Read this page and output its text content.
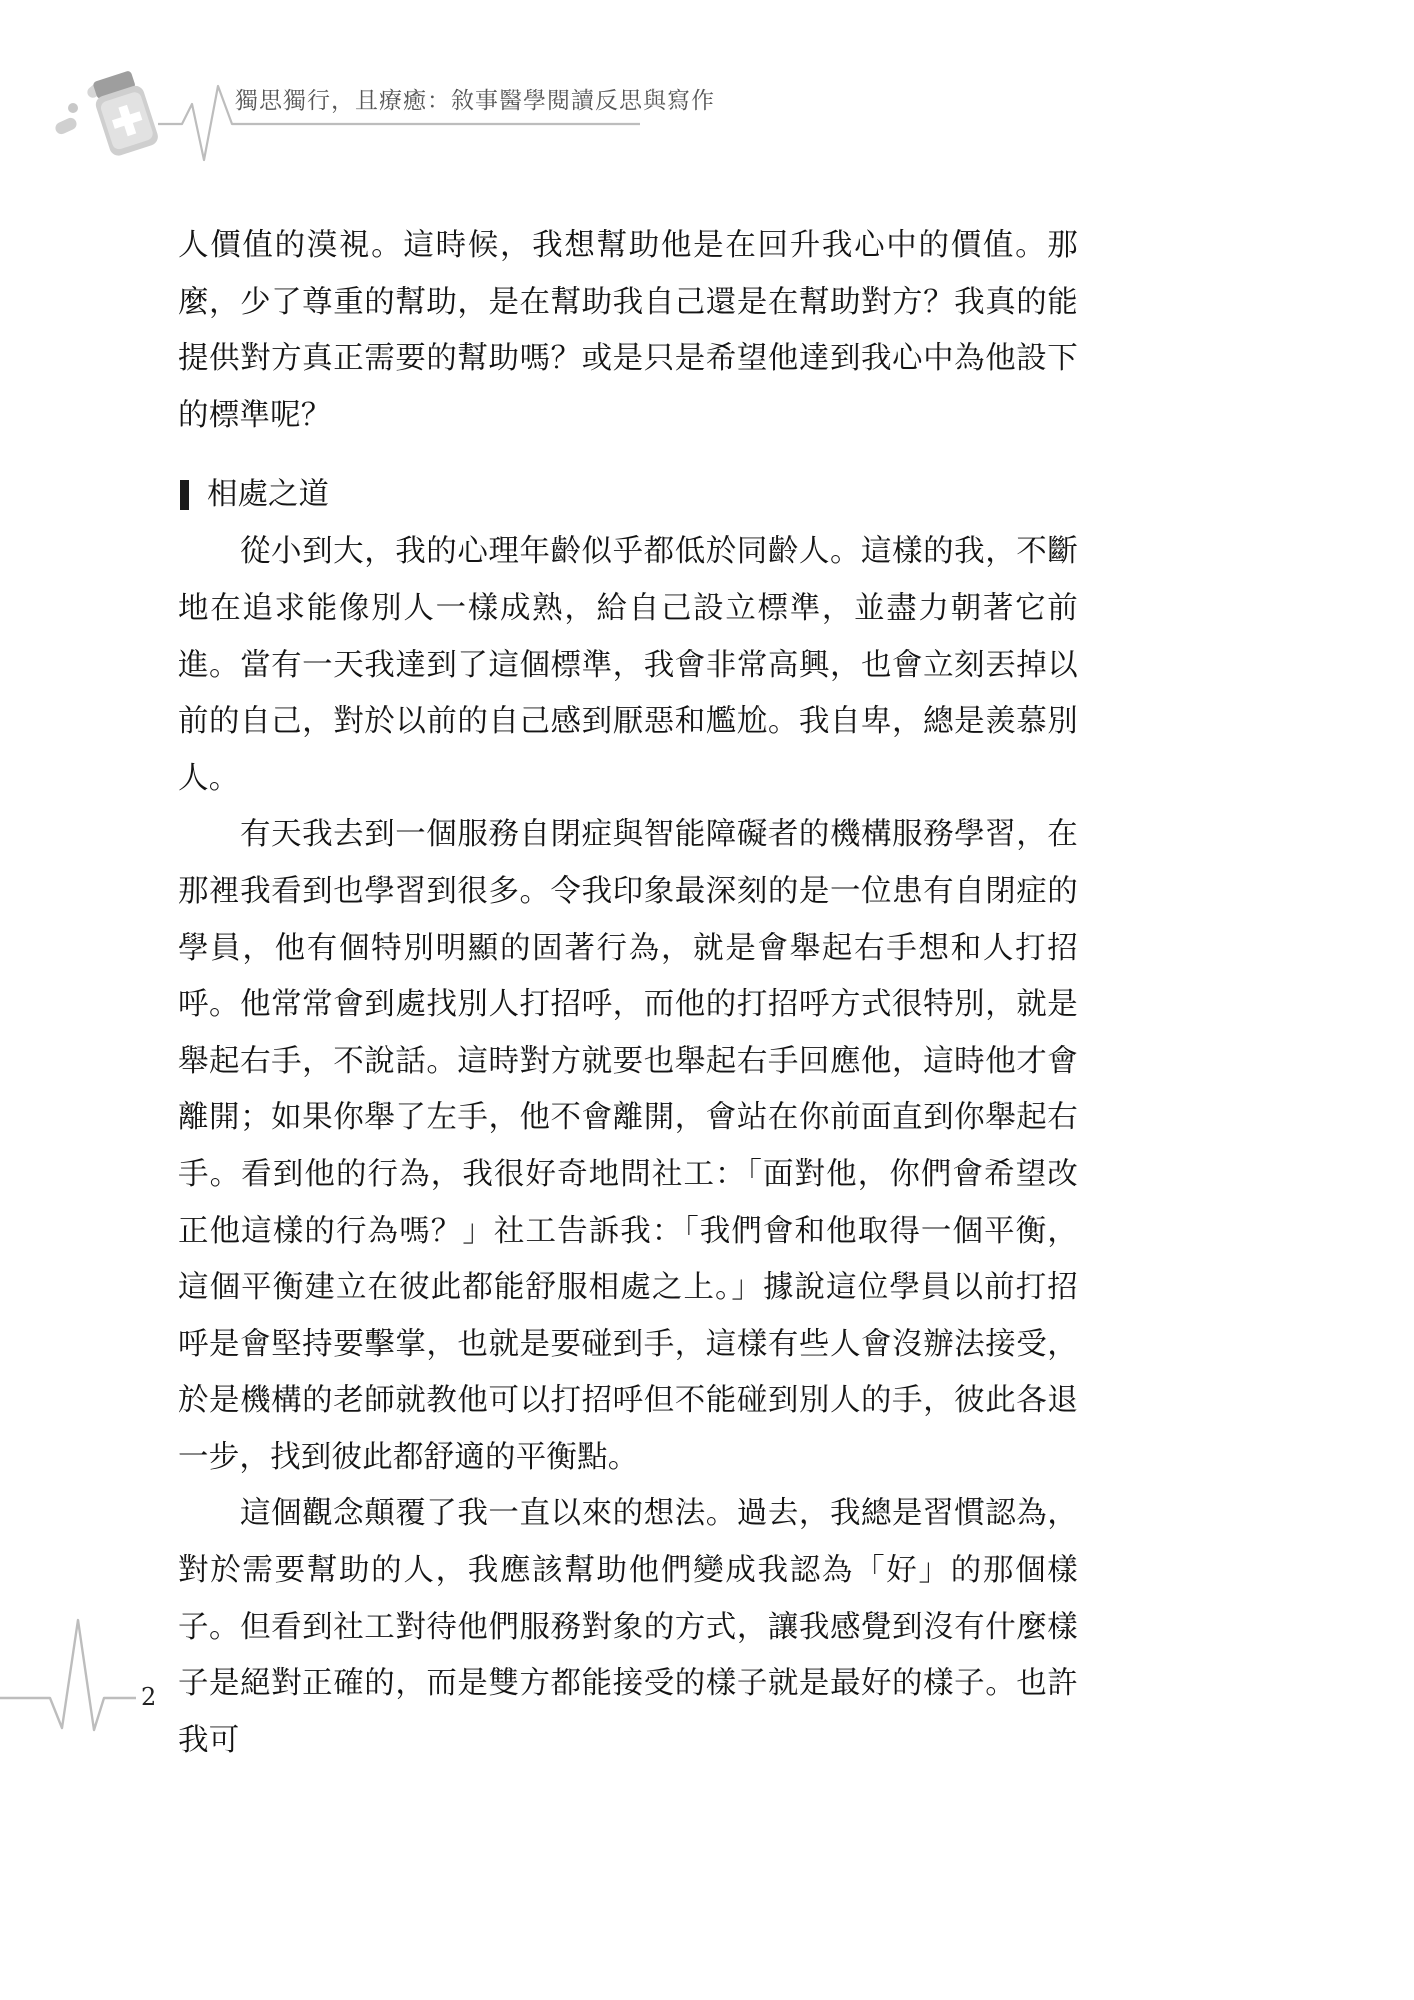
獨思獨行，且療癒：敘事醫學閱讀反思與寫作

人價值的漠視。這時候，我想幫助他是在回升我心中的價值。那麼，少了尊重的幫助，是在幫助我自己還是在幫助對方？我真的能提供對方真正需要的幫助嗎？或是只是希望他達到我心中為他設下的標準呢？

相處之道

從小到大，我的心理年齡似乎都低於同齡人。這樣的我，不斷地在追求能像別人一樣成熟，給自己設立標準，並盡力朝著它前進。當有一天我達到了這個標準，我會非常高興，也會立刻丟掉以前的自己，對於以前的自己感到厭惡和尷尬。我自卑，總是羨慕別人。

有天我去到一個服務自閉症與智能障礙者的機構服務學習，在那裡我看到也學習到很多。令我印象最深刻的是一位患有自閉症的學員，他有個特別明顯的固著行為，就是會舉起右手想和人打招呼。他常常會到處找別人打招呼，而他的打招呼方式很特別，就是舉起右手，不說話。這時對方就要也舉起右手回應他，這時他才會離開；如果你舉了左手，他不會離開，會站在你前面直到你舉起右手。看到他的行為，我很好奇地問社工：「面對他，你們會希望改正他這樣的行為嗎？」社工告訴我：「我們會和他取得一個平衡，這個平衡建立在彼此都能舒服相處之上。」據說這位學員以前打招呼是會堅持要擊掌，也就是要碰到手，這樣有些人會沒辦法接受，於是機構的老師就教他可以打招呼但不能碰到別人的手，彼此各退一步，找到彼此都舒適的平衡點。

這個觀念顛覆了我一直以來的想法。過去，我總是習慣認為，對於需要幫助的人，我應該幫助他們變成我認為「好」的那個樣子。但看到社工對待他們服務對象的方式，讓我感覺到沒有什麼樣子是絕對正確的，而是雙方都能接受的樣子就是最好的樣子。也許我可

2
